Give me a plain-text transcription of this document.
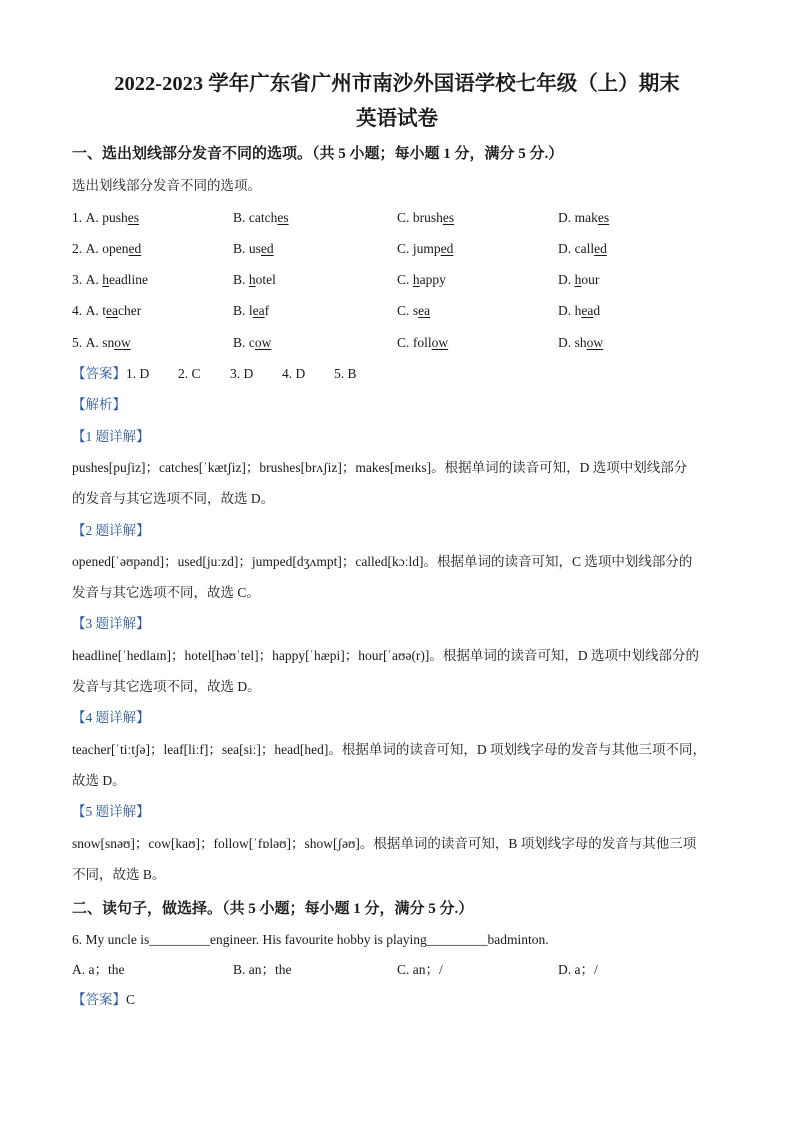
2022-2023 学年广东省广州市南沙外国语学校七年级（上）期末
英语试卷
一、选出划线部分发音不同的选项。（共 5 小题；每小题 1 分，满分 5 分.）
选出划线部分发音不同的选项。
1. A. pushes	B. catches	C. brushes	D. makes
2. A. opened	B. used	C. jumped	D. called
3. A. headline	B. hotel	C. happy	D. hour
4. A. teacher	B. leaf	C. sea	D. head
5. A. snow	B. cow	C. follow	D. show
【答案】1. D 2. C 3. D 4. D 5. B
【解析】
【1 题详解】
pushes[puʃiz]；catches[ˈkætʃiz]；brushes[brʌʃiz]；makes[meɪks]。根据单词的读音可知，D 选项中划线部分
的发音与其它选项不同，故选 D。
【2 题详解】
opened[ˈəʊpənd]；used[juːzd]；jumped[dʒʌmpt]；called[kɔːld]。根据单词的读音可知，C 选项中划线部分的
发音与其它选项不同，故选 C。
【3 题详解】
headline[ˈhedlaɪn]；hotel[həʊˈtel]；happy[ˈhæpi]；hour[ˈaʊə(r)]。根据单词的读音可知，D 选项中划线部分的
发音与其它选项不同，故选 D。
【4 题详解】
teacher[ˈtiːtʃə]；leaf[liːf]；sea[siː]；head[hed]。根据单词的读音可知，D 项划线字母的发音与其他三项不同，
故选 D。
【5 题详解】
snow[snəʊ]；cow[kaʊ]；follow[ˈfɒləʊ]；show[ʃəʊ]。根据单词的读音可知，B 项划线字母的发音与其他三项
不同，故选 B。
二、读句子，做选择。（共 5 小题；每小题 1 分，满分 5 分.）
6. My uncle is_________engineer. His favourite hobby is playing_________badminton.
A. a；the	B. an；the	C. an；/	D. a；/
【答案】C
